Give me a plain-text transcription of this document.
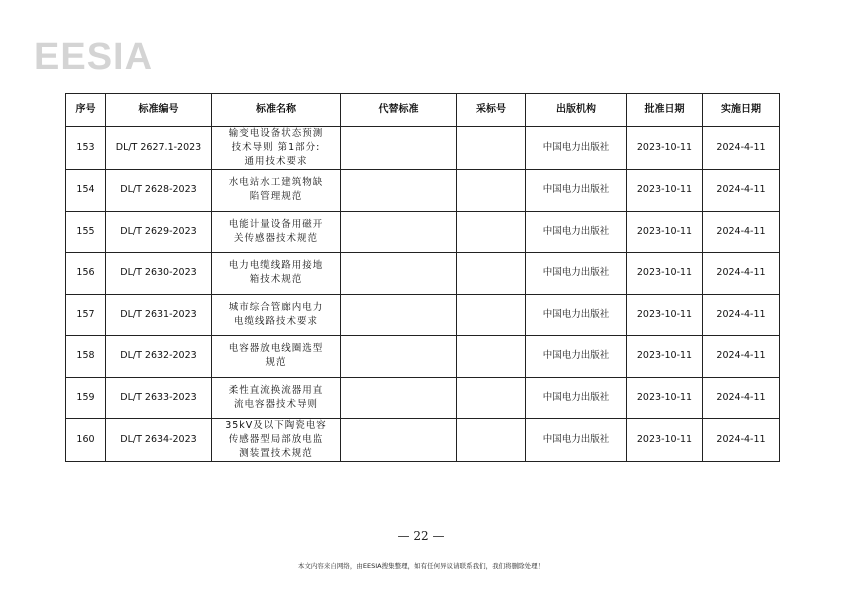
EESIA
序号	标准编号	标准名称	代替标准	采标号	出版机构	批准日期	实施日期
153	DL/T 2627.1-2023	输变电设备状态预测
技术导则 第1部分:
通用技术要求			中国电力出版社	2023-10-11	2024-4-11
154	DL/T 2628-2023	水电站水工建筑物缺
陷管理规范			中国电力出版社	2023-10-11	2024-4-11
155	DL/T 2629-2023	电能计量设备用磁开
关传感器技术规范			中国电力出版社	2023-10-11	2024-4-11
156	DL/T 2630-2023	电力电缆线路用接地
箱技术规范			中国电力出版社	2023-10-11	2024-4-11
157	DL/T 2631-2023	城市综合管廊内电力
电缆线路技术要求			中国电力出版社	2023-10-11	2024-4-11
158	DL/T 2632-2023	电容器放电线圈选型
规范			中国电力出版社	2023-10-11	2024-4-11
159	DL/T 2633-2023	柔性直流换流器用直
流电容器技术导则			中国电力出版社	2023-10-11	2024-4-11
160	DL/T 2634-2023	35kV及以下陶瓷电容
传感器型局部放电监
测装置技术规范			中国电力出版社	2023-10-11	2024-4-11
— 22 —
本文内容来自网络，由EESIA搜集整理，如有任何异议请联系我们，我们将删除处理！
